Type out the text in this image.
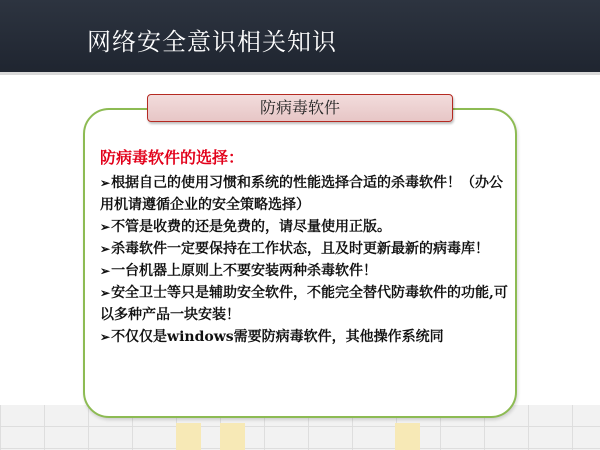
网络安全意识相关知识
防病毒软件
防病毒软件的选择：
➢根据自己的使用习惯和系统的性能选择合适的杀毒软件！（办公用机请遵循企业的安全策略选择）
➢不管是收费的还是免费的，请尽量使用正版。
➢杀毒软件一定要保持在工作状态，且及时更新最新的病毒库！
➢一台机器上原则上不要安装两种杀毒软件！
➢安全卫士等只是辅助安全软件，不能完全替代防毒软件的功能,可以多种产品一块安装！
➢不仅仅是windows需要防病毒软件，其他操作系统同
